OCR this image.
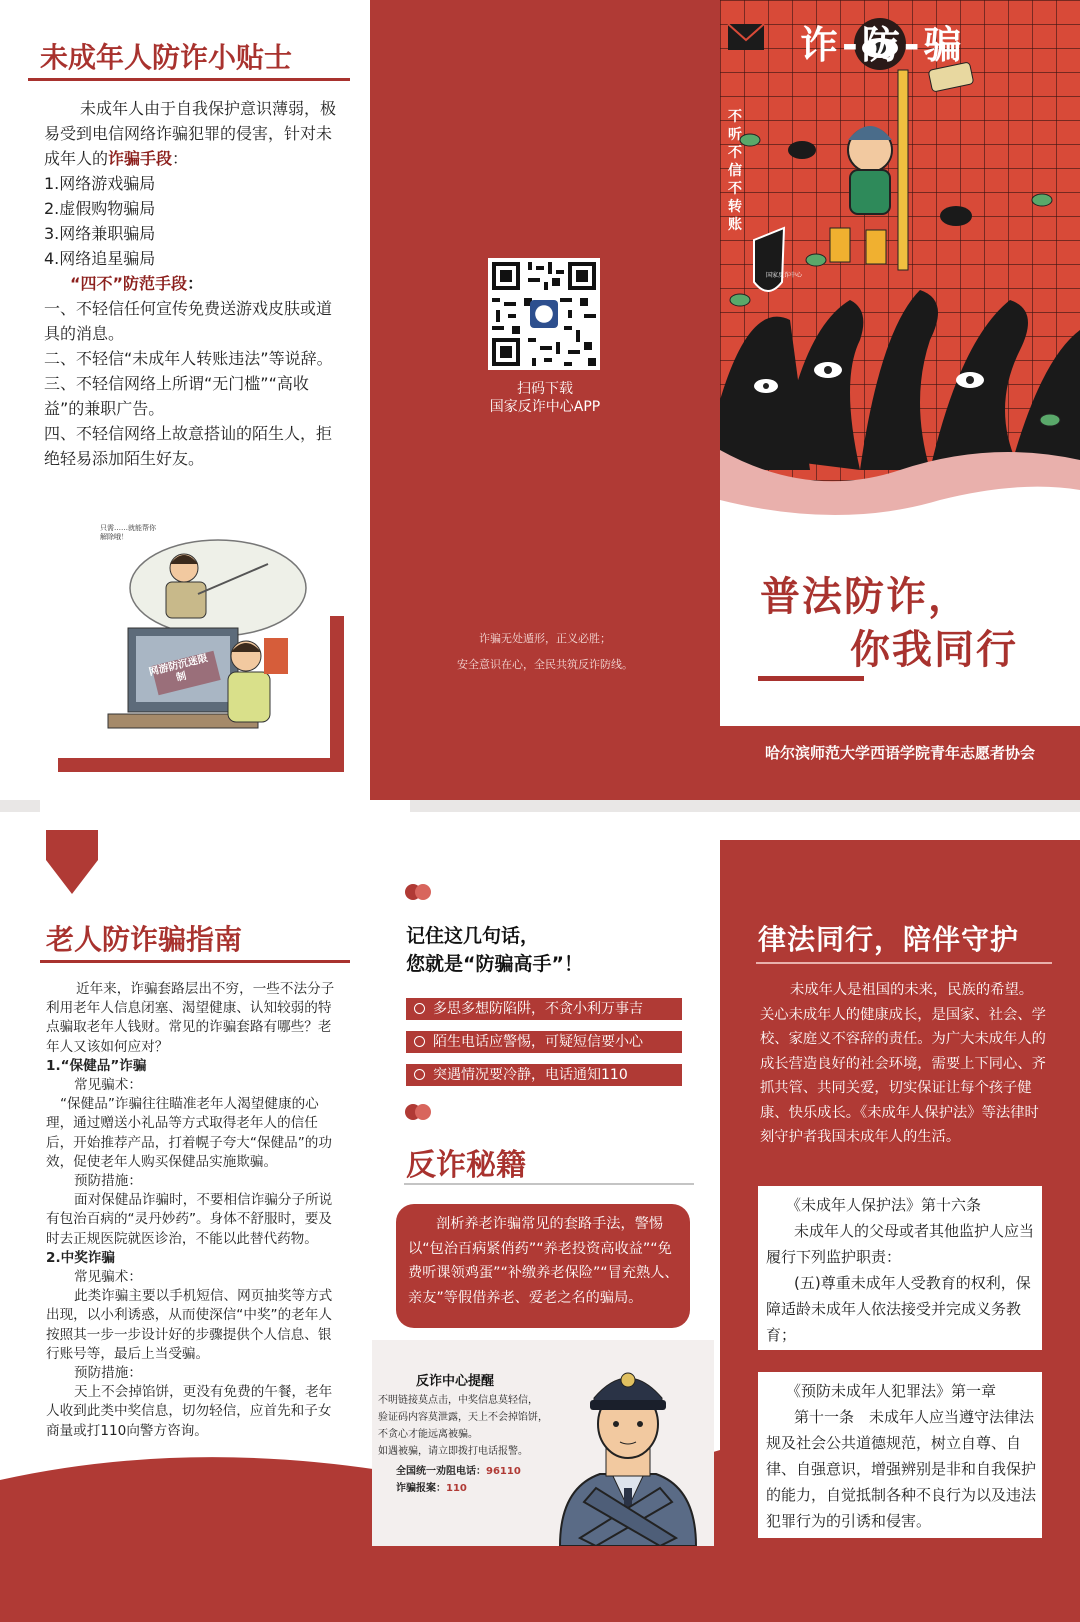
未成年人防诈小贴士
未成年人由于自我保护意识薄弱，极易受到电信网络诈骗犯罪的侵害，针对未成年人的诈骗手段：
1.网络游戏骗局
2.虚假购物骗局
3.网络兼职骗局
4.网络追星骗局
“四不”防范手段：
一、不轻信任何宣传免费送游戏皮肤或道具的消息。
二、不轻信“未成年人转账违法”等说辞。
三、不轻信网络上所谓“无门槛”“高收益”的兼职广告。
四、不轻信网络上故意搭讪的陌生人，拒绝轻易添加陌生好友。
只需……就能帮你解除哦！
网游防沉迷限制
扫码下载
国家反诈中心APP
诈骗无处遁形，正义必胜；
安全意识在心，全民共筑反诈防线。
诈-防-骗
不听不信不转账
国家反诈中心
普法防诈，
你我同行
哈尔滨师范大学西语学院青年志愿者协会
老人防诈骗指南
近年来，诈骗套路层出不穷，一些不法分子利用老年人信息闭塞、渴望健康、认知较弱的特点骗取老年人钱财。常见的诈骗套路有哪些？老年人又该如何应对？
1.“保健品”诈骗
常见骗术：
“保健品”诈骗往往瞄准老年人渴望健康的心理，通过赠送小礼品等方式取得老年人的信任后，开始推荐产品，打着幌子夸大“保健品”的功效，促使老年人购买保健品实施欺骗。
预防措施：
面对保健品诈骗时，不要相信诈骗分子所说有包治百病的“灵丹妙药”。身体不舒服时，要及时去正规医院就医诊治，不能以此替代药物。
2.中奖诈骗
常见骗术：
此类诈骗主要以手机短信、网页抽奖等方式出现，以小利诱惑，从而使深信“中奖”的老年人按照其一步一步设计好的步骤提供个人信息、银行账号等，最后上当受骗。
预防措施：
天上不会掉馅饼，更没有免费的午餐，老年人收到此类中奖信息，切勿轻信，应首先和子女商量或打110向警方咨询。
记住这几句话，
您就是“防骗高手”！
多思多想防陷阱，不贪小利万事吉
陌生电话应警惕，可疑短信要小心
突遇情况要冷静，电话通知110
反诈秘籍
剖析养老诈骗常见的套路手法，警惕以“包治百病紧俏药”“养老投资高收益”“免费听课领鸡蛋”“补缴养老保险”“冒充熟人、亲友”等假借养老、爱老之名的骗局。
反诈中心提醒
不明链接莫点击，中奖信息莫轻信，
验证码内容莫泄露，天上不会掉馅饼，
不贪心才能远离被骗。
如遇被骗，请立即拨打电话报警。
全国统一劝阻电话：96110
诈骗报案：110
律法同行，陪伴守护
未成年人是祖国的未来，民族的希望。关心未成年人的健康成长，是国家、社会、学校、家庭义不容辞的责任。为广大未成年人的成长营造良好的社会环境，需要上下同心、齐抓共管、共同关爱，切实保证让每个孩子健康、快乐成长。《未成年人保护法》等法律时刻守护者我国未成年人的生活。
《未成年人保护法》第十六条
未成年人的父母或者其他监护人应当履行下列监护职责：
(五)尊重未成年人受教育的权利，保障适龄未成年人依法接受并完成义务教育；
《预防未成年人犯罪法》第一章
第十一条　未成年人应当遵守法律法规及社会公共道德规范，树立自尊、自律、自强意识，增强辨别是非和自我保护的能力，自觉抵制各种不良行为以及违法犯罪行为的引诱和侵害。
